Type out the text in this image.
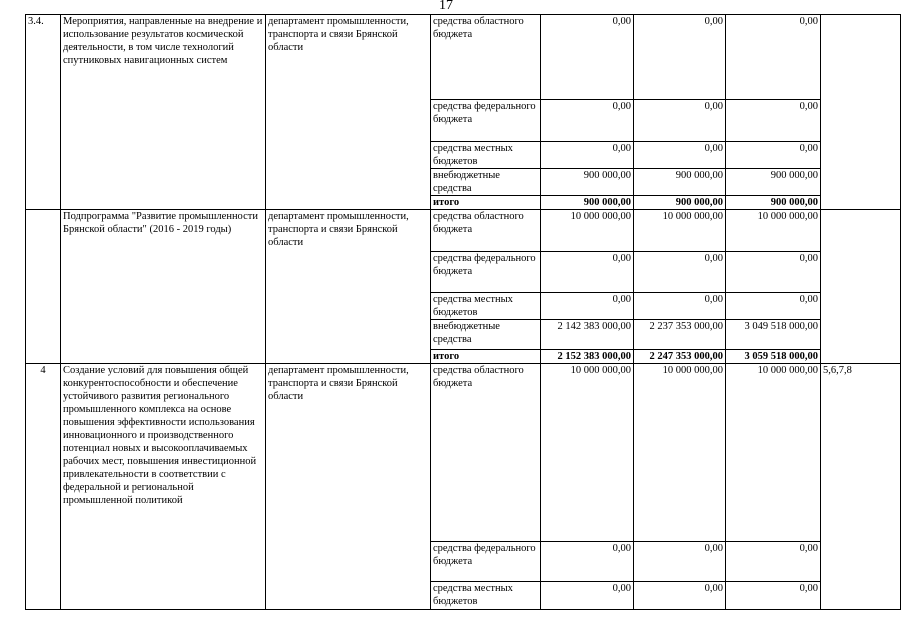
17
3.4.	Мероприятия, направленные на внедрение и использование результатов космической деятельности, в том числе технологий спутниковых навигационных систем	департамент промышленности, транспорта и связи Брянской области	средства областного бюджета	0,00	0,00	0,00	
			средства федерального бюджета	0,00	0,00	0,00	
			средства местных бюджетов	0,00	0,00	0,00	
			внебюджетные средства	900 000,00	900 000,00	900 000,00	
			итого	900 000,00	900 000,00	900 000,00	
	Подпрограмма "Развитие промышленности Брянской области" (2016 - 2019 годы)	департамент промышленности, транспорта и связи Брянской области	средства областного бюджета	10 000 000,00	10 000 000,00	10 000 000,00	
			средства федерального бюджета	0,00	0,00	0,00	
			средства местных бюджетов	0,00	0,00	0,00	
			внебюджетные средства	2 142 383 000,00	2 237 353 000,00	3 049 518 000,00	
			итого	2 152 383 000,00	2 247 353 000,00	3 059 518 000,00	
4	Создание условий для повышения общей конкурентоспособности и обеспечение устойчивого развития регионального промышленного комплекса на основе повышения эффективности использования инновационного и производственного потенциал новых и высокооплачиваемых рабочих мест, повышения инвестиционной привлекательности в соответствии с федеральной и региональной промышленной политикой	департамент промышленности, транспорта и связи Брянской области	средства областного бюджета	10 000 000,00	10 000 000,00	10 000 000,00	5,6,7,8
			средства федерального бюджета	0,00	0,00	0,00	
			средства местных бюджетов	0,00	0,00	0,00	
